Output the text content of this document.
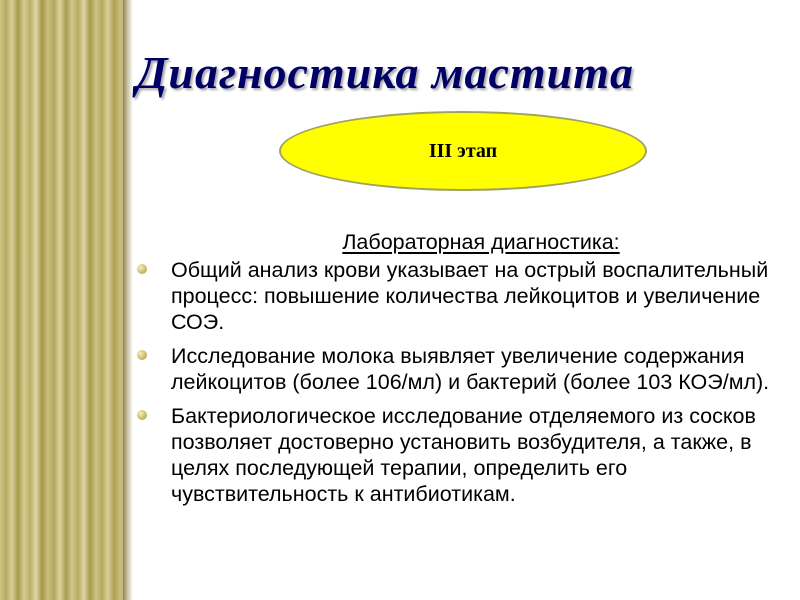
Диагностика мастита
III этап

Лабораторная диагностика:

Общий анализ крови указывает на острый воспалительный процесс: повышение количества лейкоцитов и увеличение СОЭ.
Исследование молока выявляет увеличение содержания лейкоцитов (более 106/мл) и бактерий (более 103 КОЭ/мл).
Бактериологическое исследование отделяемого из сосков позволяет достоверно установить возбудителя, а также, в целях последующей терапии, определить его чувствительность к антибиотикам.
